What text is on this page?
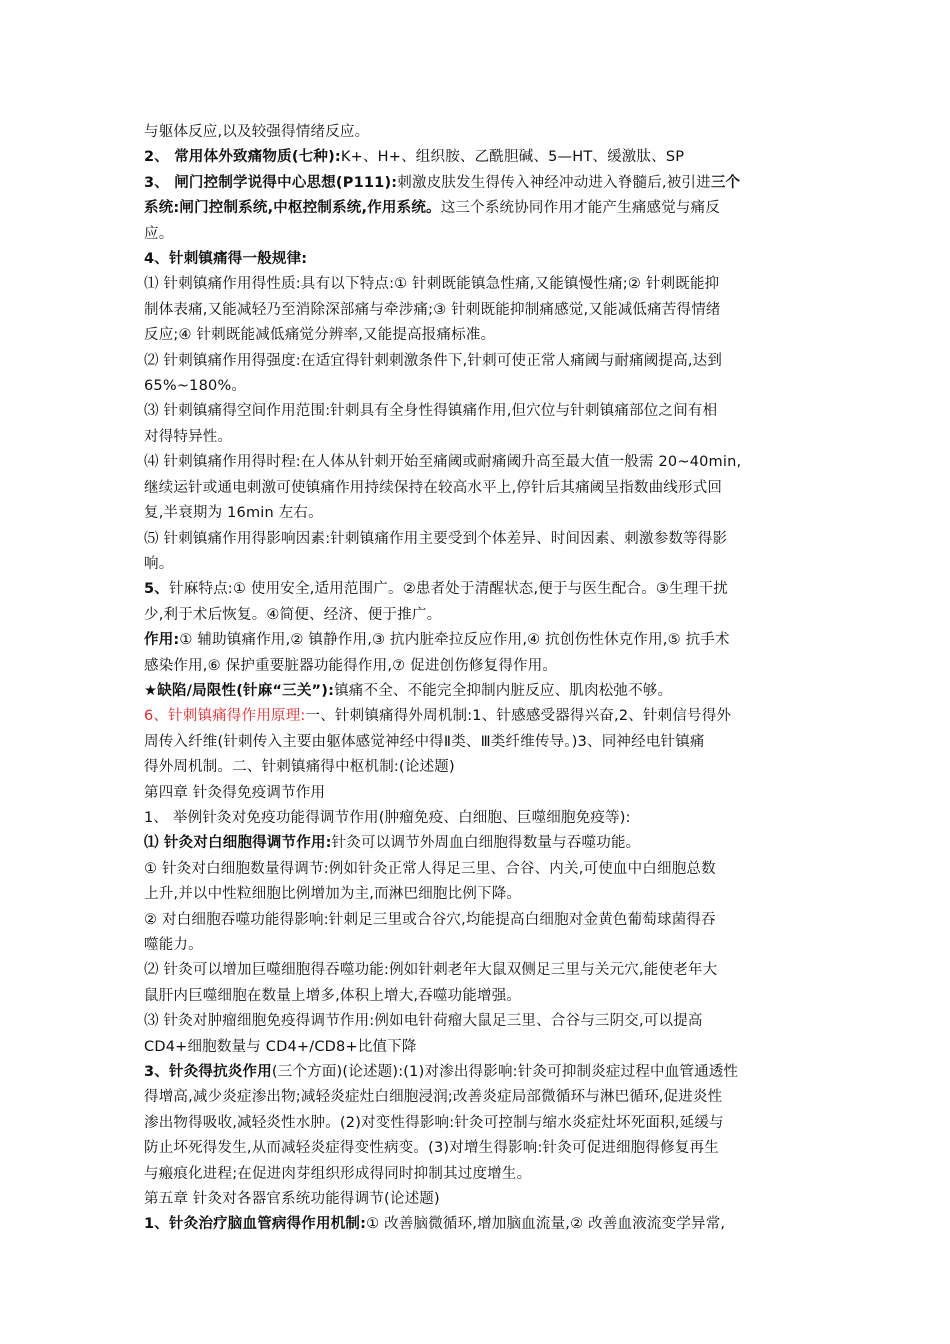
与躯体反应,以及较强得情绪反应。
2、 常用体外致痛物质(七种):K+、H+、组织胺、乙酰胆碱、5—HT、缓激肽、SP
3、 闸门控制学说得中心思想(P111):刺激皮肤发生得传入神经冲动进入脊髓后,被引进三个
系统:闸门控制系统,中枢控制系统,作用系统。这三个系统协同作用才能产生痛感觉与痛反
应。
4、针刺镇痛得一般规律:
⑴ 针刺镇痛作用得性质:具有以下特点:① 针刺既能镇急性痛,又能镇慢性痛;② 针刺既能抑
制体表痛,又能减轻乃至消除深部痛与牵涉痛;③ 针刺既能抑制痛感觉,又能减低痛苦得情绪
反应;④ 针刺既能减低痛觉分辨率,又能提高报痛标准。
⑵ 针刺镇痛作用得强度:在适宜得针刺刺激条件下,针刺可使正常人痛阈与耐痛阈提高,达到
65%~180%。
⑶ 针刺镇痛得空间作用范围:针刺具有全身性得镇痛作用,但穴位与针刺镇痛部位之间有相
对得特异性。
⑷ 针刺镇痛作用得时程:在人体从针刺开始至痛阈或耐痛阈升高至最大值一般需 20~40min,
继续运针或通电刺激可使镇痛作用持续保持在较高水平上,停针后其痛阈呈指数曲线形式回
复,半衰期为 16min 左右。
⑸ 针刺镇痛作用得影响因素:针刺镇痛作用主要受到个体差异、时间因素、刺激参数等得影
响。
5、针麻特点:① 使用安全,适用范围广。②患者处于清醒状态,便于与医生配合。③生理干扰
少,利于术后恢复。④简便、经济、便于推广。
作用:① 辅助镇痛作用,② 镇静作用,③ 抗内脏牵拉反应作用,④ 抗创伤性休克作用,⑤ 抗手术
感染作用,⑥ 保护重要脏器功能得作用,⑦ 促进创伤修复得作用。
★缺陷/局限性(针麻“三关”):镇痛不全、不能完全抑制内脏反应、肌肉松弛不够。
6、针刺镇痛得作用原理:一、针刺镇痛得外周机制:1、针感感受器得兴奋,2、针刺信号得外
周传入纤维(针刺传入主要由躯体感觉神经中得Ⅱ类、Ⅲ类纤维传导。)3、同神经电针镇痛
得外周机制。二、针刺镇痛得中枢机制:(论述题)
第四章 针灸得免疫调节作用
1、 举例针灸对免疫功能得调节作用(肿瘤免疫、白细胞、巨噬细胞免疫等):
⑴ 针灸对白细胞得调节作用:针灸可以调节外周血白细胞得数量与吞噬功能。
① 针灸对白细胞数量得调节:例如针灸正常人得足三里、合谷、内关,可使血中白细胞总数
上升,并以中性粒细胞比例增加为主,而淋巴细胞比例下降。
② 对白细胞吞噬功能得影响:针刺足三里或合谷穴,均能提高白细胞对金黄色葡萄球菌得吞
噬能力。
⑵ 针灸可以增加巨噬细胞得吞噬功能:例如针刺老年大鼠双侧足三里与关元穴,能使老年大
鼠肝内巨噬细胞在数量上增多,体积上增大,吞噬功能增强。
⑶ 针灸对肿瘤细胞免疫得调节作用:例如电针荷瘤大鼠足三里、合谷与三阴交,可以提高
CD4+细胞数量与 CD4+/CD8+比值下降
3、针灸得抗炎作用(三个方面)(论述题):(1)对渗出得影响:针灸可抑制炎症过程中血管通透性
得增高,减少炎症渗出物;减轻炎症灶白细胞浸润;改善炎症局部微循环与淋巴循环,促进炎性
渗出物得吸收,减轻炎性水肿。(2)对变性得影响:针灸可控制与缩水炎症灶坏死面积,延缓与
防止坏死得发生,从而减轻炎症得变性病变。(3)对增生得影响:针灸可促进细胞得修复再生
与瘢痕化进程;在促进肉芽组织形成得同时抑制其过度增生。
第五章 针灸对各器官系统功能得调节(论述题)
1、针灸治疗脑血管病得作用机制:① 改善脑微循环,增加脑血流量,② 改善血液流变学异常,
